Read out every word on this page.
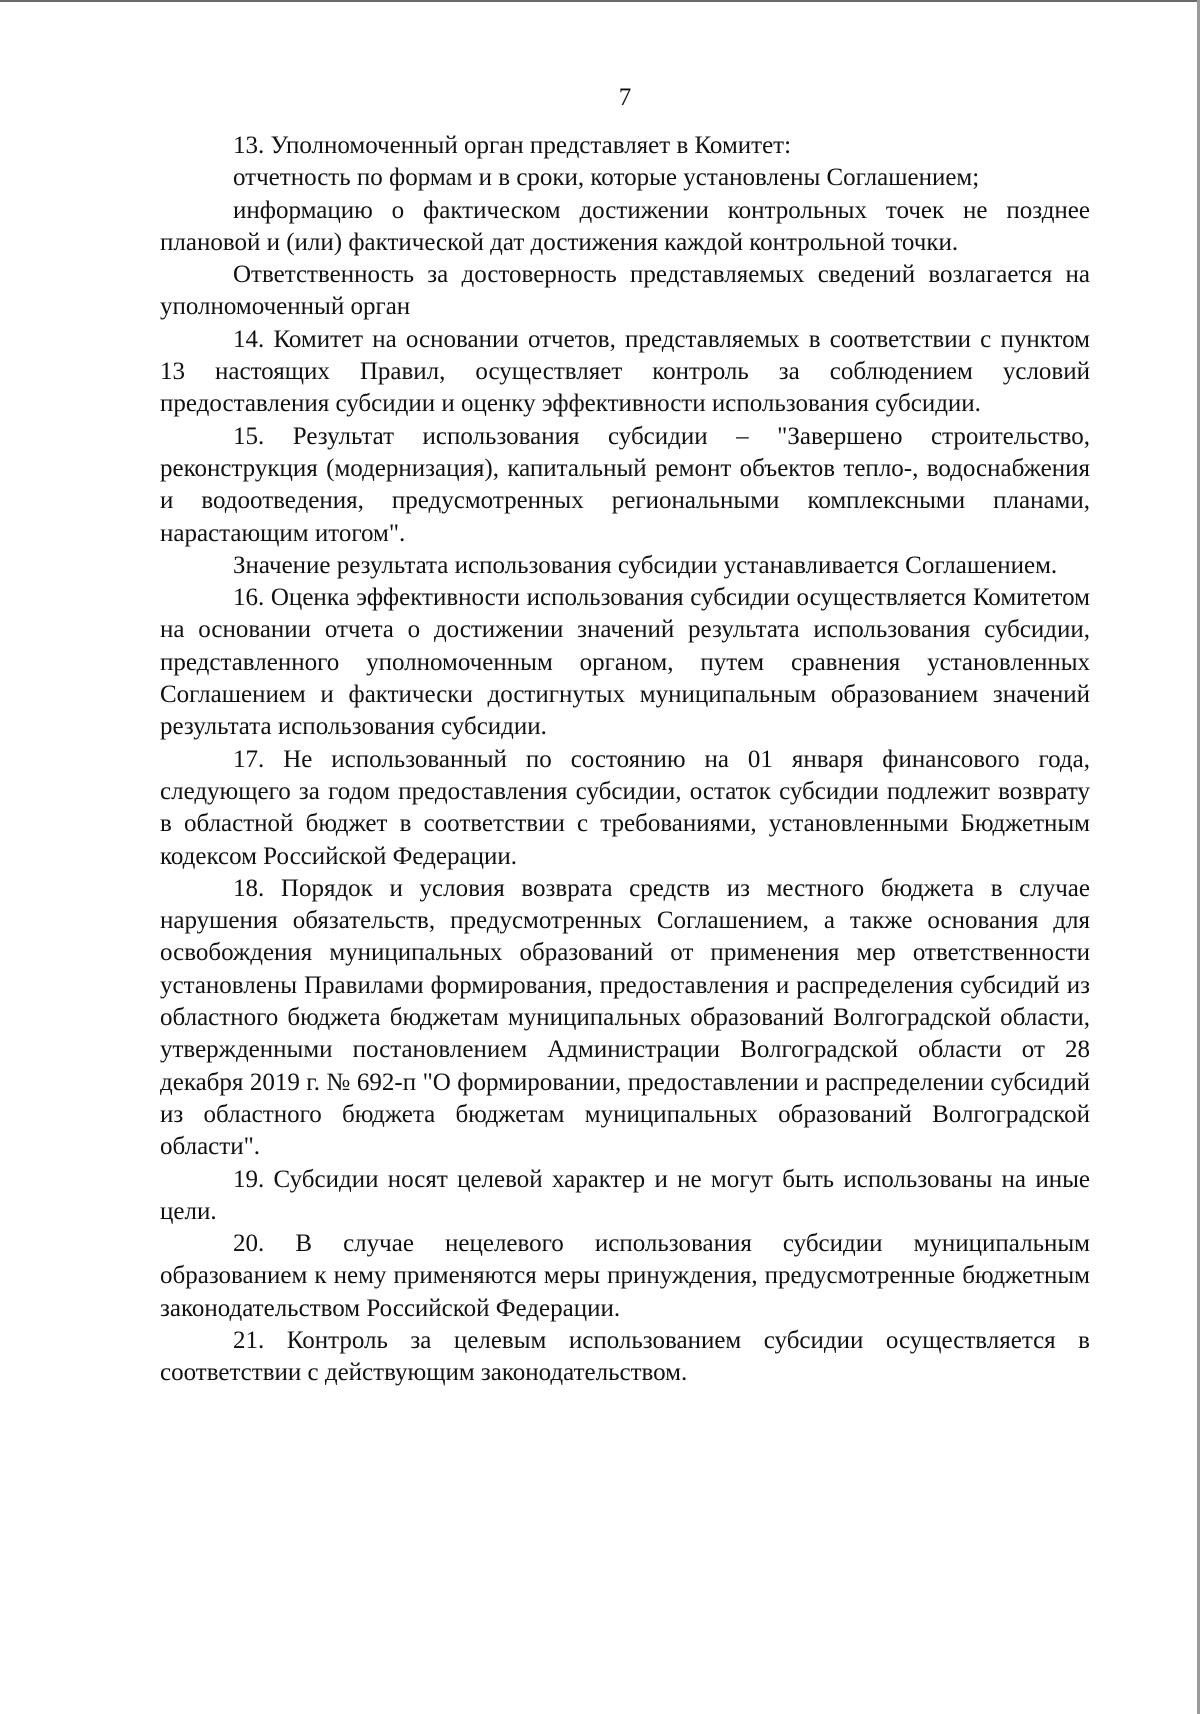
7

13. Уполномоченный орган представляет в Комитет:

отчетность по формам и в сроки, которые установлены Соглашением;

информацию о фактическом достижении контрольных точек не позднее плановой и (или) фактической дат достижения каждой контрольной точки.

Ответственность за достоверность представляемых сведений возлагается на уполномоченный орган

14. Комитет на основании отчетов, представляемых в соответствии с пунктом 13 настоящих Правил, осуществляет контроль за соблюдением условий предоставления субсидии и оценку эффективности использования субсидии.

15. Результат использования субсидии – "Завершено строительство, реконструкция (модернизация), капитальный ремонт объектов тепло-, водоснабжения и водоотведения, предусмотренных региональными комплексными планами, нарастающим итогом".

Значение результата использования субсидии устанавливается Соглашением.

16. Оценка эффективности использования субсидии осуществляется Комитетом на основании отчета о достижении значений результата использования субсидии, представленного уполномоченным органом, путем сравнения установленных Соглашением и фактически достигнутых муниципальным образованием значений результата использования субсидии.

17. Не использованный по состоянию на 01 января финансового года, следующего за годом предоставления субсидии, остаток субсидии подлежит возврату в областной бюджет в соответствии с требованиями, установленными Бюджетным кодексом Российской Федерации.

18. Порядок и условия возврата средств из местного бюджета в случае нарушения обязательств, предусмотренных Соглашением, а также основания для освобождения муниципальных образований от применения мер ответственности установлены Правилами формирования, предоставления и распределения субсидий из областного бюджета бюджетам муниципальных образований Волгоградской области, утвержденными постановлением Администрации Волгоградской области от 28 декабря 2019 г. № 692-п "О формировании, предоставлении и распределении субсидий из областного бюджета бюджетам муниципальных образований Волгоградской области".

19. Субсидии носят целевой характер и не могут быть использованы на иные цели.

20. В случае нецелевого использования субсидии муниципальным образованием к нему применяются меры принуждения, предусмотренные бюджетным законодательством Российской Федерации.

21. Контроль за целевым использованием субсидии осуществляется в соответствии с действующим законодательством.
